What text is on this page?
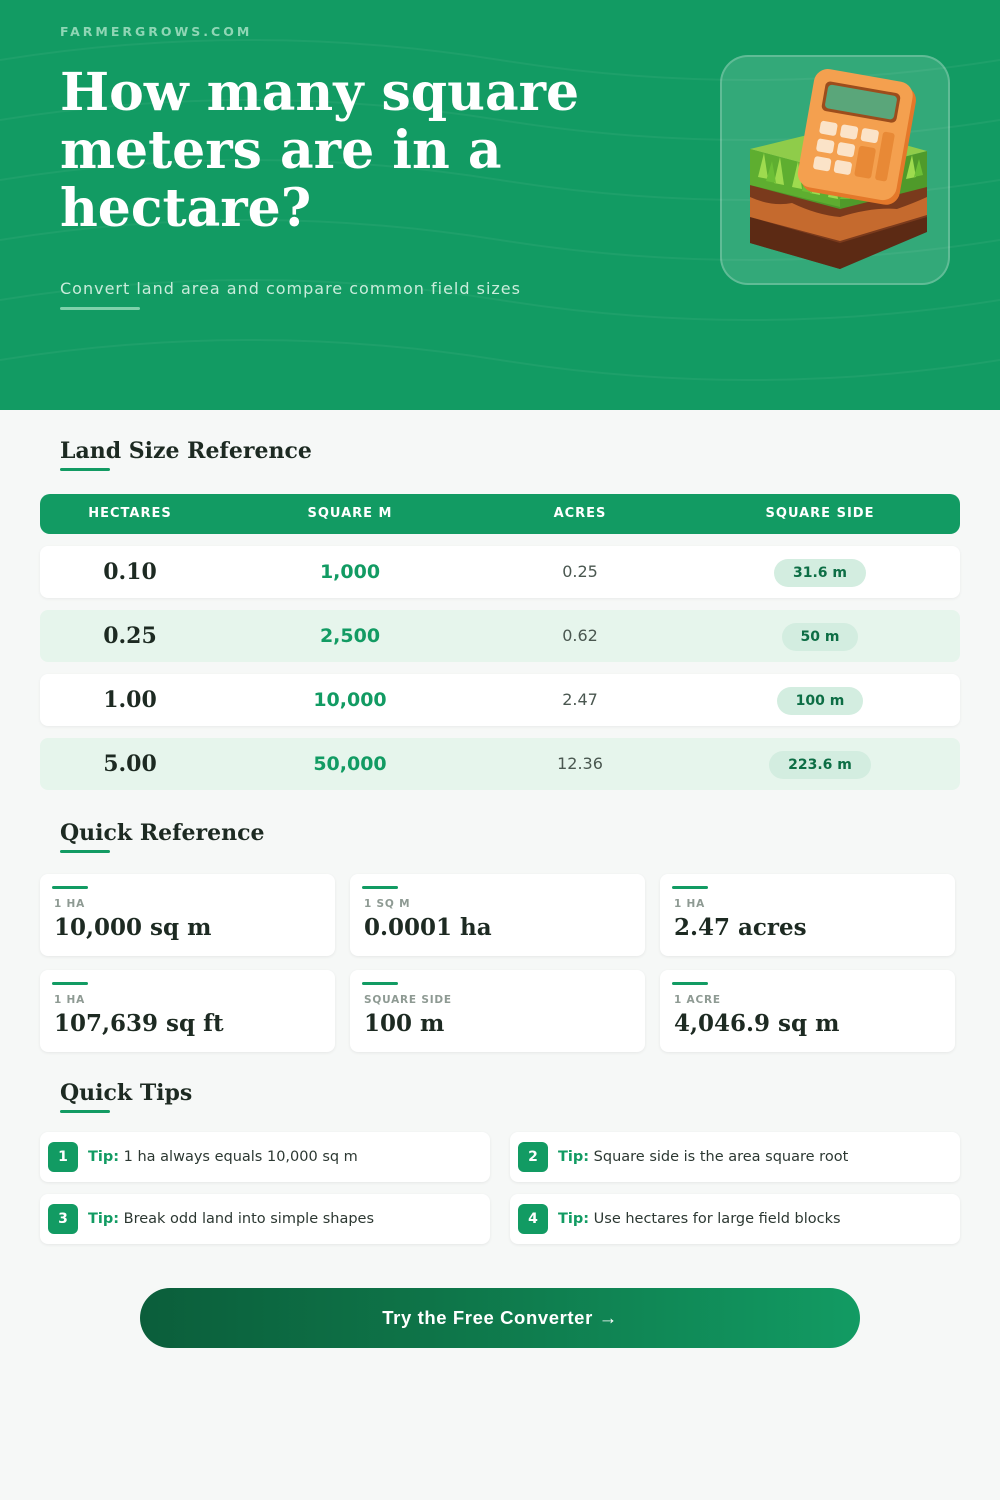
FARMERGROWS.COM
How many square meters are in a hectare?
Convert land area and compare common field sizes
Land Size Reference
HECTARES	SQUARE M	ACRES	SQUARE SIDE
0.10	1,000	0.25	31.6 m
0.25	2,500	0.62	50 m
1.00	10,000	2.47	100 m
5.00	50,000	12.36	223.6 m
Quick Reference
1 HA
10,000 sq m
1 SQ M
0.0001 ha
1 HA
2.47 acres
1 HA
107,639 sq ft
SQUARE SIDE
100 m
1 ACRE
4,046.9 sq m
Quick Tips
1	Tip: 1 ha always equals 10,000 sq m	2	Tip: Square side is the area square root
3	Tip: Break odd land into simple shapes	4	Tip: Use hectares for large field blocks
Try the Free Converter →
